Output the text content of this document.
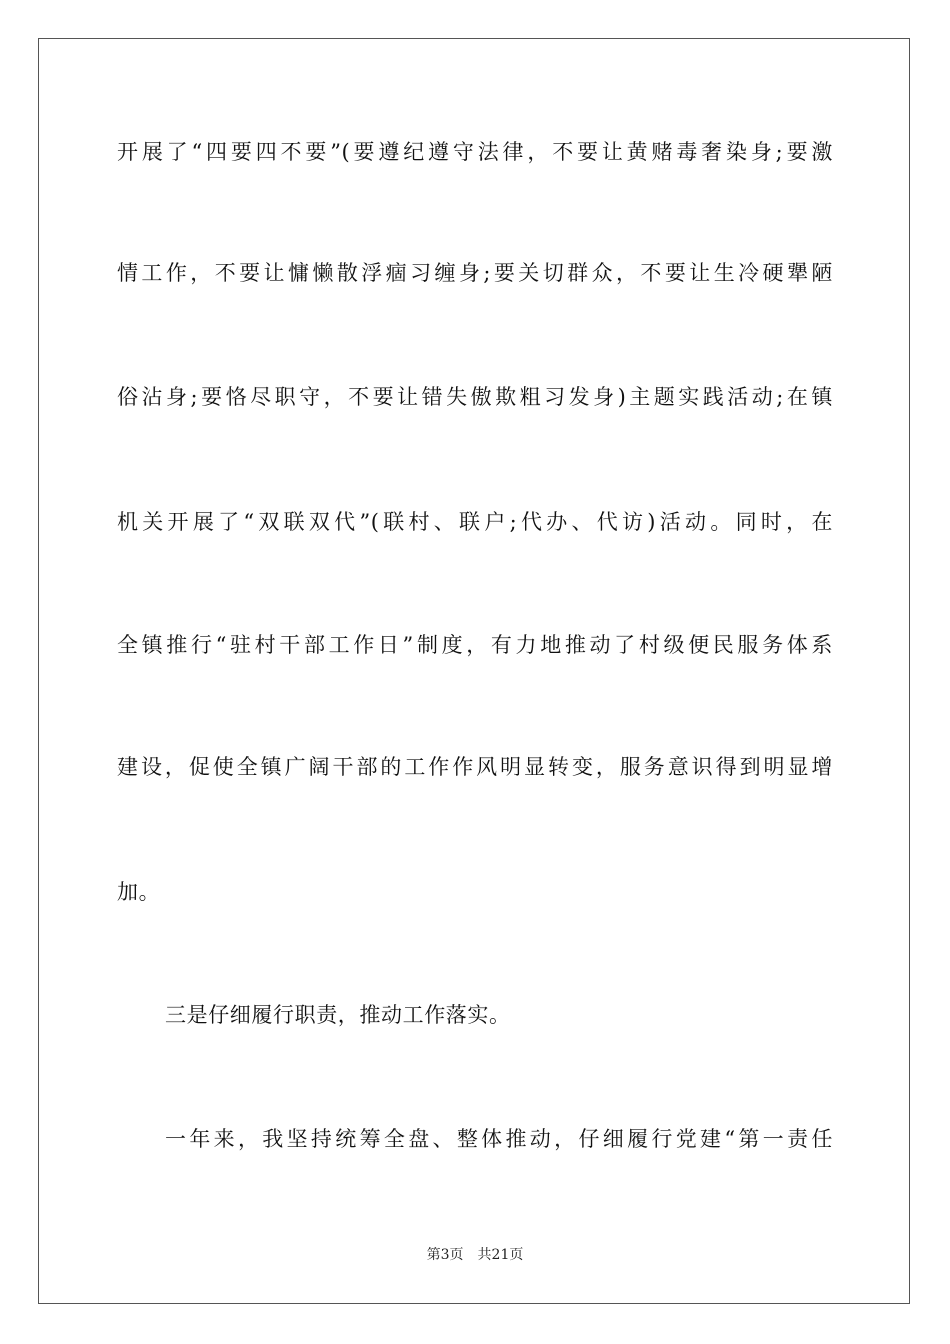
开展了“四要四不要”(要遵纪遵守法律，不要让黄赌毒奢染身;要激
情工作，不要让慵懒散浮痼习缠身;要关切群众，不要让生冷硬犟陋
俗沾身;要恪尽职守，不要让错失傲欺粗习发身)主题实践活动;在镇
机关开展了“双联双代”(联村、联户;代办、代访)活动。同时，在
全镇推行“驻村干部工作日”制度，有力地推动了村级便民服务体系
建设，促使全镇广阔干部的工作作风明显转变，服务意识得到明显增
加。
三是仔细履行职责，推动工作落实。
一年来，我坚持统筹全盘、整体推动，仔细履行党建“第一责任
第3页 共21页
